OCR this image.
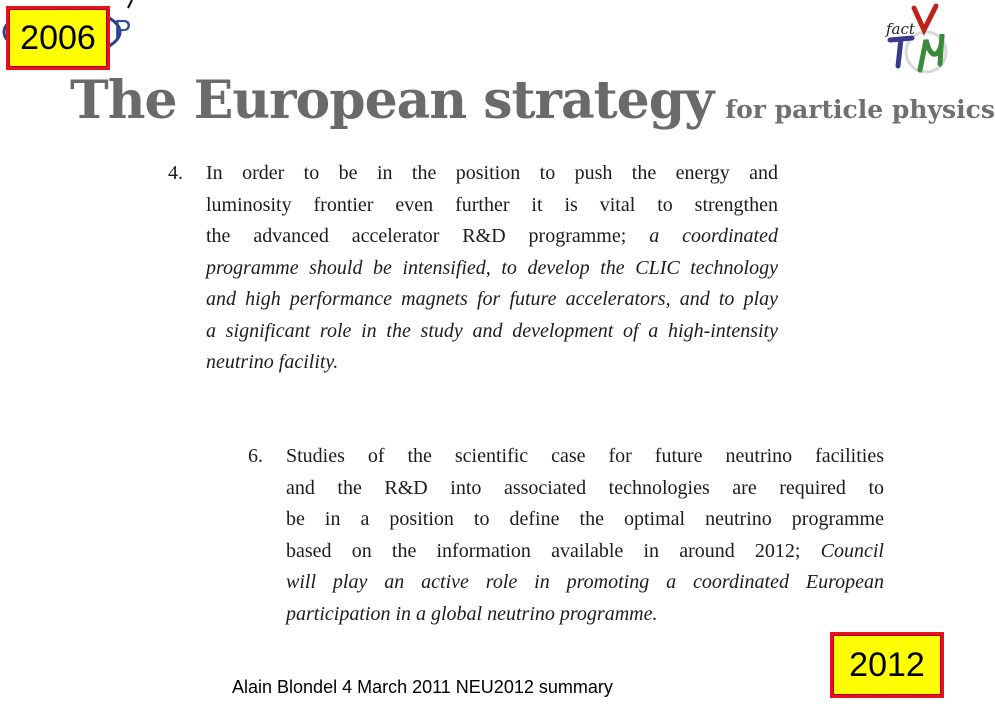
P
2006	fact
The European strategy for particle physics
4. In order to be in the position to push the energy and
luminosity frontier even further it is vital to strengthen
the advanced accelerator R&D programme; a coordinated
programme should be intensified, to develop the CLIC technology
and high performance magnets for future accelerators, and to play
a significant role in the study and development of a high-intensity
neutrino facility.
6. Studies of the scientific case for future neutrino facilities
and the R&D into associated technologies are required to
be in a position to define the optimal neutrino programme
based on the information available in around 2012; Council
will play an active role in promoting a coordinated European
participation in a global neutrino programme.
2012
Alain Blondel 4 March 2011 NEU2012 summary
